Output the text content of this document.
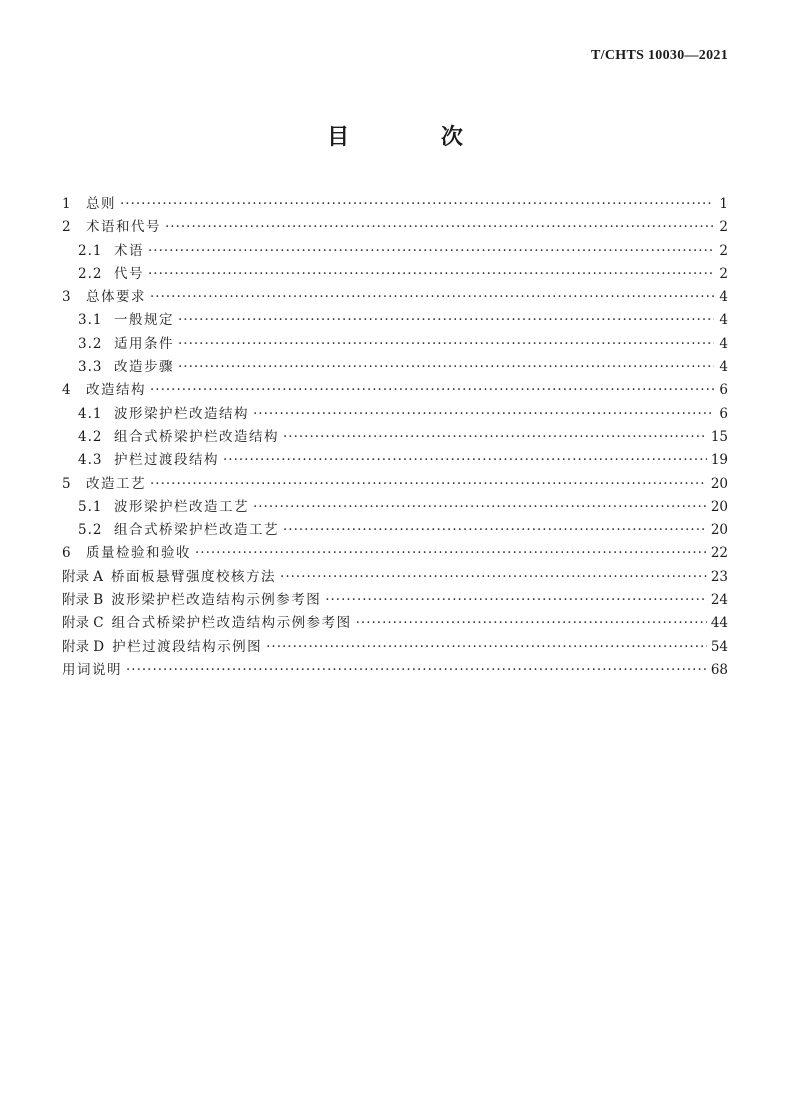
T/CHTS 10030—2021
目 次
1	总则 ·····	1
2	术语和代号 ·····	2
2.1 术语 ·····	2
2.2 代号 ·····	2
3	总体要求 ·····	4
3.1 一般规定 ·····	4
3.2 适用条件 ·····	4
3.3 改造步骤 ·····	4
4	改造结构 ·····	6
4.1 波形梁护栏改造结构 ·····	6
4.2 组合式桥梁护栏改造结构 ·····	15
4.3 护栏过渡段结构 ·····	19
5	改造工艺 ·····	20
5.1 波形梁护栏改造工艺 ·····	20
5.2 组合式桥梁护栏改造工艺 ·····	20
6	质量检验和验收 ·····	22
附录 A 桥面板悬臂强度校核方法 ·····	23
附录 B 波形梁护栏改造结构示例参考图 ·····	24
附录 C 组合式桥梁护栏改造结构示例参考图 ·····	44
附录 D 护栏过渡段结构示例图 ·····	54
用词说明 ·····	68
